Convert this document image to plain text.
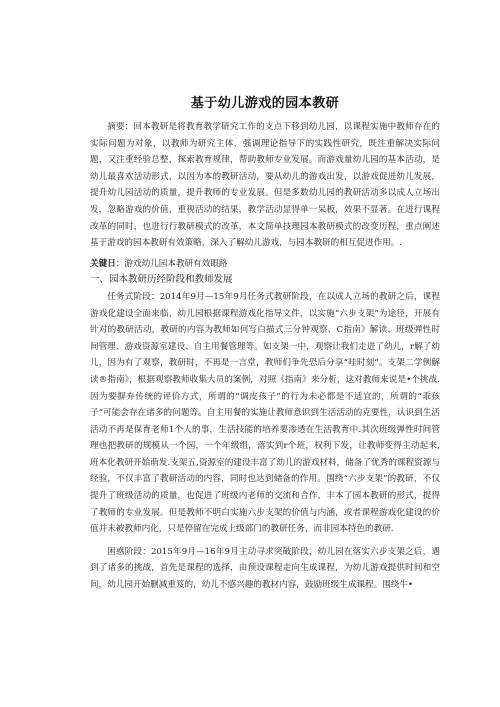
基于幼儿游戏的园本教研

摘要：回本教研是将教育教学研究工作的支点下移到幼儿园，以课程实施中教师存在的实际问题为对象，以教师为研究主体，强调理论指导下的实践性研究，既注重解决实际问题，又注重经验总整，探索教育规律，帮助教师专业发展。而游戏量幼儿园的基本活动，是幼儿最喜欢活动形式，以因为本的教研活动，要从幼儿的游戏出发，以游戏促进幼儿发展，提升幼儿园活动的质量，提升教师的专业发展。但是多数幼儿园的教研活动多以成人立场出发，忽略游戏的价值，重视活动的结果，教学活动显得单一呆板，效果不显著。在进行课程改革的同时，也进行行教研模式的改革，本文简单技理园本教研模式的改变历程，重点阐述基于游戏的园本教研有效策略，深入了解幼儿游戏，与园本教研的相互促进作用。.

关键日：游戏幼儿园本教研有效眼路

一、园本教研历经阶段和教师发展

任务式阶段：2014年9月—15年9月任务式教研阶段，在以成人立场的教研之后，课程游戏化建设全面来临，幼儿园根据课程游戏化指导文件，以实施“六步支架”为途径，开展有针对的教研活动，教研的内容为教师如何写白描式三分钟观察、C指南》解读、班级弹性时间管理、游戏资源室建设、自主用餐管理等。如支架一中，观察让我们走进了幼儿，r解了幼儿，因为有了观察，教研时，不再是一言堂，教师们争先恐后分享“哇时刻”。支架二学例解读®指南》，根据观察教师收集大员的案例，对照《指南》来分析，这对教师来说是•个挑战.因为要摒弃传统的评价方式，所谓的“调皮孩子”的行为未必都是不适宜的，所谓的“乖孩子”可能会存在诸多的问题等。自主用餐的实施让教师意识到生活活动的克要性，认识到生活活动不再是保育老师1个人的事，生活技能的培养要渗透在生活教育中.其次班级弹性时间管理也把教研的规模从一个园，一个年级组，落实到r个班，权利下发，让教师变得主动起来,班本化教研开始萌发.支架五,资源室的建设丰富了幼儿的游戏材料，储备了优秀的课程资源与经验，不仅丰富了教研活动的内容，同时也达到储备的作用。围绕“六步支架”的教研，不仅提升了班级活动的质量，也促进了班级内老师的交流和合作，丰本了园本教研的形式，提得了教师的专业发展。但是教师不明白实施六步支架的价值与内涵，或者课程游戏化建设的价值并未被教师内化，只是停留在完成上级部门的教研任务，而非园本特色的教研.

困惑阶段：2015年9月—16年9月主动寻求突破阶段，幼儿园在落实六步支架之后，遇到了诸多的挑战，首先是课程的选择，由预设课程走向生成课程，为幼儿游戏提供时间和空间，幼儿园开始删减重笈的，幼儿不感兴趣的教材内容，鼓励班级生成课程。围绕牛•
